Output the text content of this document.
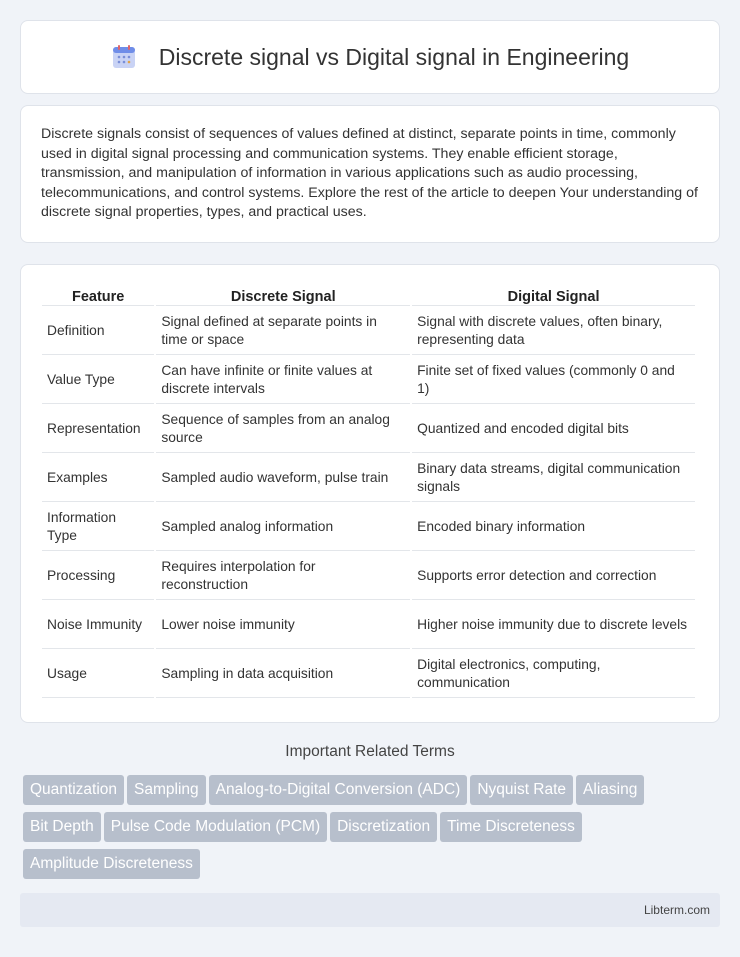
Discrete signal vs Digital signal in Engineering

Discrete signals consist of sequences of values defined at distinct, separate points in time, commonly used in digital signal processing and communication systems. They enable efficient storage, transmission, and manipulation of information in various applications such as audio processing, telecommunications, and control systems. Explore the rest of the article to deepen Your understanding of discrete signal properties, types, and practical uses.

Feature	Discrete Signal	Digital Signal
Definition	Signal defined at separate points in time or space	Signal with discrete values, often binary, representing data
Value Type	Can have infinite or finite values at discrete intervals	Finite set of fixed values (commonly 0 and 1)
Representation	Sequence of samples from an analog source	Quantized and encoded digital bits
Examples	Sampled audio waveform, pulse train	Binary data streams, digital communication signals
Information Type	Sampled analog information	Encoded binary information
Processing	Requires interpolation for reconstruction	Supports error detection and correction
Noise Immunity	Lower noise immunity	Higher noise immunity due to discrete levels
Usage	Sampling in data acquisition	Digital electronics, computing, communication
Important Related Terms
Quantization Sampling Analog-to-Digital Conversion (ADC) Nyquist Rate AliasingBit Depth Pulse Code Modulation (PCM) Discretization Time DiscretenessAmplitude Discreteness
Libterm.com
